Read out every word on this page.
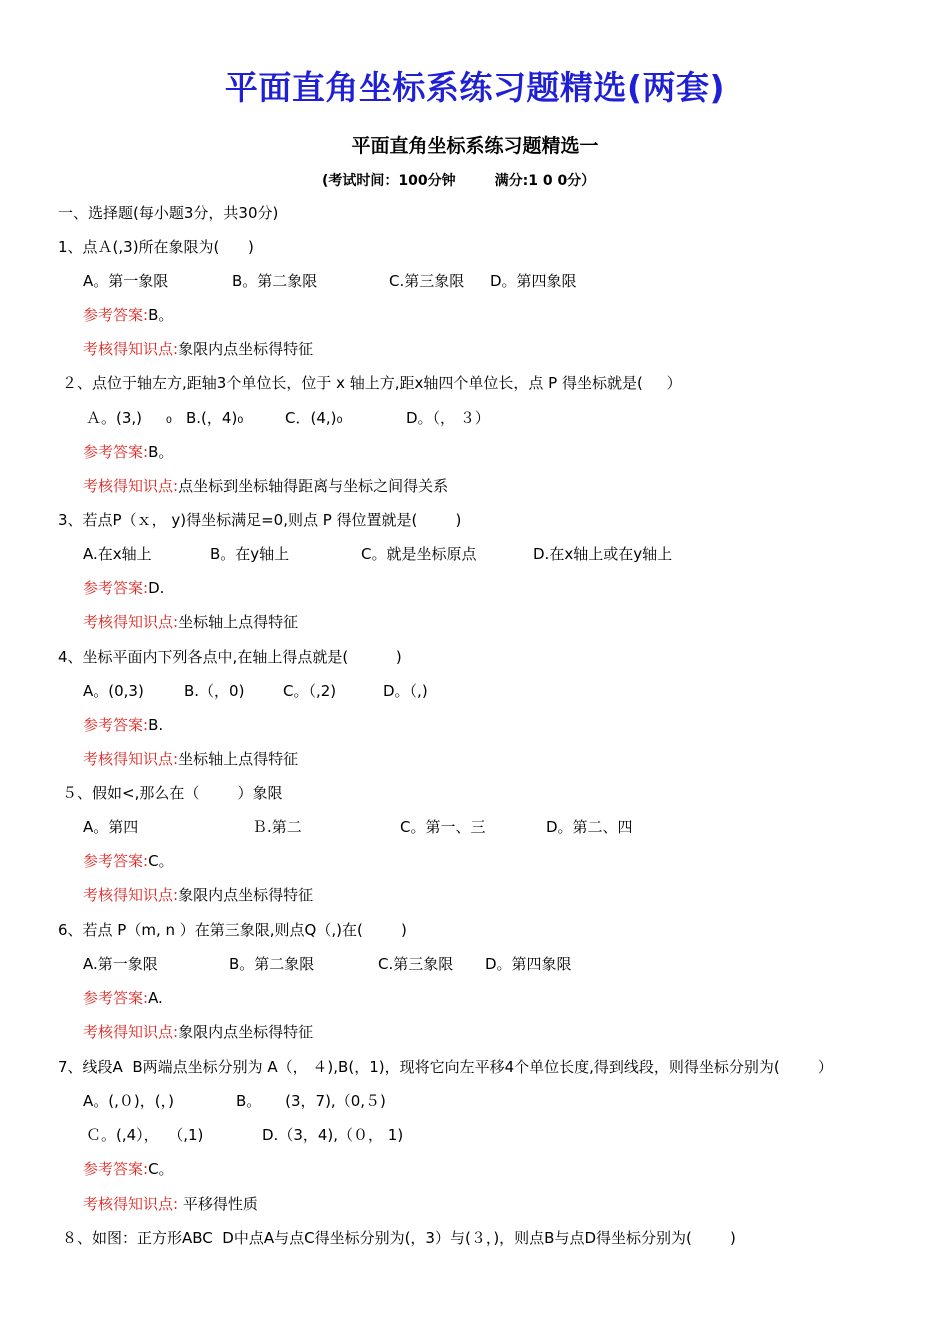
平面直角坐标系练习题精选(两套)
平面直角坐标系练习题精选一
(考试时间：100分钟        满分:1 0 0分）
一、选择题(每小题3分，共30分)
1、点Ａ(,3)所在象限为(      )
A。第一象限	B。第二象限	C.第三象限 D。第四象限
参考答案:B。
考核得知识点:象限内点坐标得特征
２、点位于轴左方,距轴3个单位长，位于 x 轴上方,距x轴四个单位长，点 P 得坐标就是(     ）
Ａ。(3,)     ₀ B.(，4)₀	C．(4,)₀	D。（， ３）
参考答案:B。
考核得知识点:点坐标到坐标轴得距离与坐标之间得关系
3、若点P（ｘ， y)得坐标满足=0,则点 P 得位置就是(        )
A.在x轴上	B。在y轴上	C。就是坐标原点	D.在x轴上或在y轴上
参考答案:D.
考核得知识点:坐标轴上点得特征
4、坐标平面内下列各点中,在轴上得点就是(          )
A。(0,3)	B.（，0)	C。（,2)	D。（,)
参考答案:B.
考核得知识点:坐标轴上点得特征
５、假如<,那么在（        ）象限
A。第四	Ｂ.第二	C。第一、三	D。第二、四
参考答案:C。
考核得知识点:象限内点坐标得特征
6、若点 P（m, n ）在第三象限,则点Q（,)在(        )
A.第一象限	B。第二象限	C.第三象限 D。第四象限
参考答案:A.
考核得知识点:象限内点坐标得特征
7、线段A  B两端点坐标分别为 A（， ４),B(，1)，现将它向左平移4个单位长度,得到线段，则得坐标分别为(        ）
A。(,０)，(，)	B。     (3，7),（0,５)
Ｃ。(,4），  （,1)	D.（3，4),（０， 1)
参考答案:C。
考核得知识点: 平移得性质
８、如图：正方形ABC  D中点A与点C得坐标分别为(，3）与(３，)，则点B与点D得坐标分别为(        )
